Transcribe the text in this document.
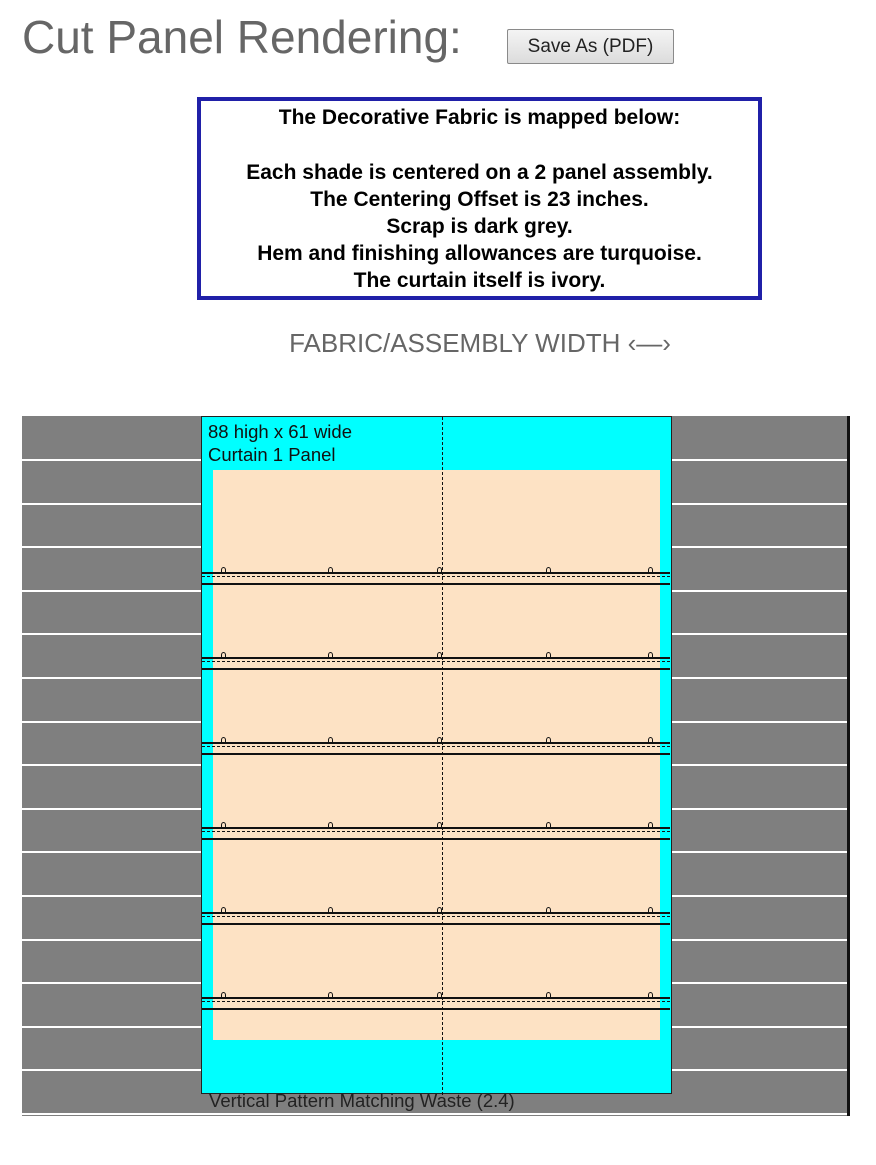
Cut Panel Rendering:	Save As (PDF)
The Decorative Fabric is mapped below:
Each shade is centered on a 2 panel assembly.
The Centering Offset is 23 inches.
Scrap is dark grey.
Hem and finishing allowances are turquoise.
The curtain itself is ivory.
FABRIC/ASSEMBLY WIDTH ‹—›
88 high x 61 wide
Curtain 1 Panel
Vertical Pattern Matching Waste (2.4)
